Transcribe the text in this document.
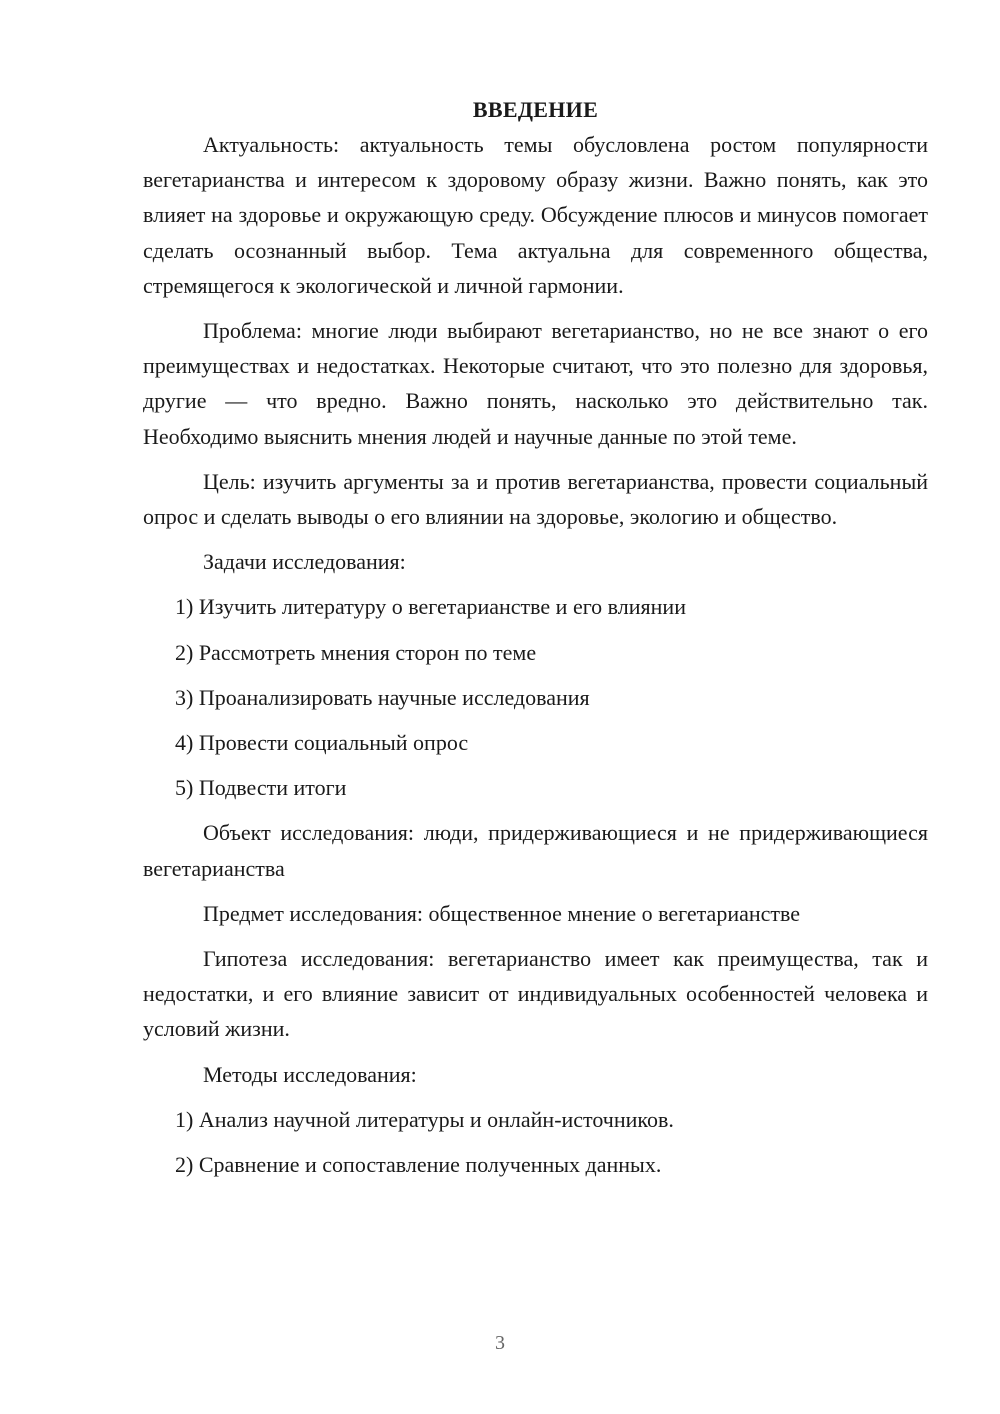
ВВЕДЕНИЕ

Актуальность: актуальность темы обусловлена ростом популярности вегетарианства и интересом к здоровому образу жизни. Важно понять, как это влияет на здоровье и окружающую среду. Обсуждение плюсов и минусов помогает сделать осознанный выбор. Тема актуальна для современного общества, стремящегося к экологической и личной гармонии.

Проблема: многие люди выбирают вегетарианство, но не все знают о его преимуществах и недостатках. Некоторые считают, что это полезно для здоровья, другие — что вредно. Важно понять, насколько это действительно так. Необходимо выяснить мнения людей и научные данные по этой теме.

Цель: изучить аргументы за и против вегетарианства, провести социальный опрос и сделать выводы о его влиянии на здоровье, экологию и общество.

Задачи исследования:

1) Изучить литературу о вегетарианстве и его влиянии
2) Рассмотреть мнения сторон по теме
3) Проанализировать научные исследования
4) Провести социальный опрос
5) Подвести итоги

Объект исследования: люди, придерживающиеся и не придерживающиеся вегетарианства

Предмет исследования: общественное мнение о вегетарианстве

Гипотеза исследования: вегетарианство имеет как преимущества, так и недостатки, и его влияние зависит от индивидуальных особенностей человека и условий жизни.

Методы исследования:

1) Анализ научной литературы и онлайн-источников.
2) Сравнение и сопоставление полученных данных.
3
